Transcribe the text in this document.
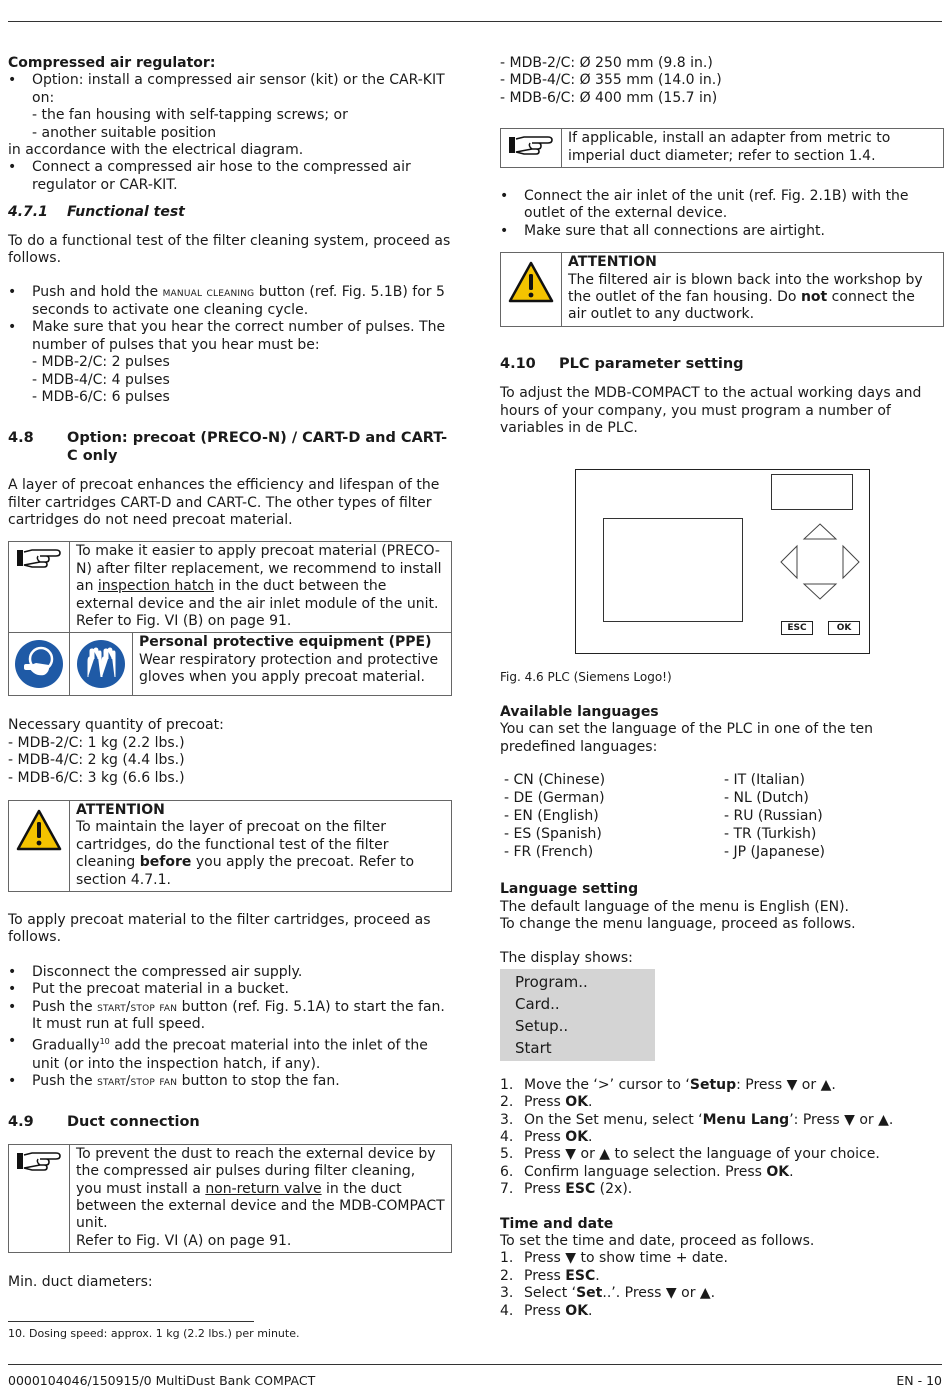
Compressed air regulator:

• Option: install a compressed air sensor (kit) or the CAR-KIT on:
- the fan housing with self-tapping screws; or
- another suitable position
in accordance with the electrical diagram.
• Connect a compressed air hose to the compressed air regulator or CAR-KIT.
4.7.1	Functional test

To do a functional test of the filter cleaning system, proceed as follows.

• Push and hold the manual cleaning button (ref. Fig. 5.1B) for 5 seconds to activate one cleaning cycle.
• Make sure that you hear the correct number of pulses. The number of pulses that you hear must be:
- MDB-2/C: 2 pulses
- MDB-4/C: 4 pulses
- MDB-6/C: 6 pulses
4.8	Option: precoat (PRECO-N) / CART-D and CART-C only

A layer of precoat enhances the efficiency and lifespan of the filter cartridges CART-D and CART-C. The other types of filter cartridges do not need precoat material.

To make it easier to apply precoat material (PRECO-N) after filter replacement, we recommend to install an inspection hatch in the duct between the external device and the air inlet module of the unit.
Refer to Fig. VI (B) on page 91.
Personal protective equipment (PPE)
Wear respiratory protection and protective gloves when you apply precoat material.

Necessary quantity of precoat:

- MDB-2/C: 1 kg (2.2 lbs.)
- MDB-4/C: 2 kg (4.4 lbs.)
- MDB-6/C: 3 kg (6.6 lbs.)

ATTENTION
To maintain the layer of precoat on the filter cartridges, do the functional test of the filter cleaning before you apply the precoat. Refer to section 4.7.1.

To apply precoat material to the filter cartridges, proceed as follows.

• Disconnect the compressed air supply.
• Put the precoat material in a bucket.
• Push the start/stop fan button (ref. Fig. 5.1A) to start the fan. It must run at full speed.
• Gradually$^{10}$ add the precoat material into the inlet of the unit (or into the inspection hatch, if any).
• Push the start/stop fan button to stop the fan.
4.9	Duct connection
To prevent the dust to reach the external device by the compressed air pulses during filter cleaning, you must install a non-return valve in the duct between the external device and the MDB-COMPACT unit.
Refer to Fig. VI (A) on page 91.

Min. duct diameters:

10. Dosing speed: approx. 1 kg (2.2 lbs.) per minute.

- MDB-2/C: Ø 250 mm (9.8 in.)
- MDB-4/C: Ø 355 mm (14.0 in.)
- MDB-6/C: Ø 400 mm (15.7 in)

If applicable, install an adapter from metric to imperial duct diameter; refer to section 1.4.
• Connect the air inlet of the unit (ref. Fig. 2.1B) with the outlet of the external device.
• Make sure that all connections are airtight.
ATTENTION
The filtered air is blown back into the workshop by the outlet of the fan housing. Do not connect the air outlet to any ductwork.
4.10	PLC parameter setting

To adjust the MDB-COMPACT to the actual working days and hours of your company, you must program a number of variables in de PLC.

ESC	OK

Fig. 4.6 PLC (Siemens Logo!)

Available languages

You can set the language of the PLC in one of the ten predefined languages:

- CN (Chinese)
- DE (German)
- EN (English)
- ES (Spanish)
- FR (French)
- IT (Italian)
- NL (Dutch)
- RU (Russian)
- TR (Turkish)
- JP (Japanese)

Language setting

The default language of the menu is English (EN).
To change the menu language, proceed as follows.

The display shows:

Program..
Card..
Setup..
Start
1. Move the ‘>’ cursor to ‘Setup: Press ▼ or ▲.
2. Press OK.
3. On the Set menu, select ‘Menu Lang’: Press ▼ or ▲.
4. Press OK.
5. Press ▼ or ▲ to select the language of your choice.
6. Confirm language selection. Press OK.
7. Press ESC (2x).

Time and date

To set the time and date, proceed as follows.

1. Press ▼ to show time + date.
2. Press ESC.
3. Select ‘Set..’. Press ▼ or ▲.
4. Press OK.
0000104046/150915/0 MultiDust Bank COMPACT	EN - 10
